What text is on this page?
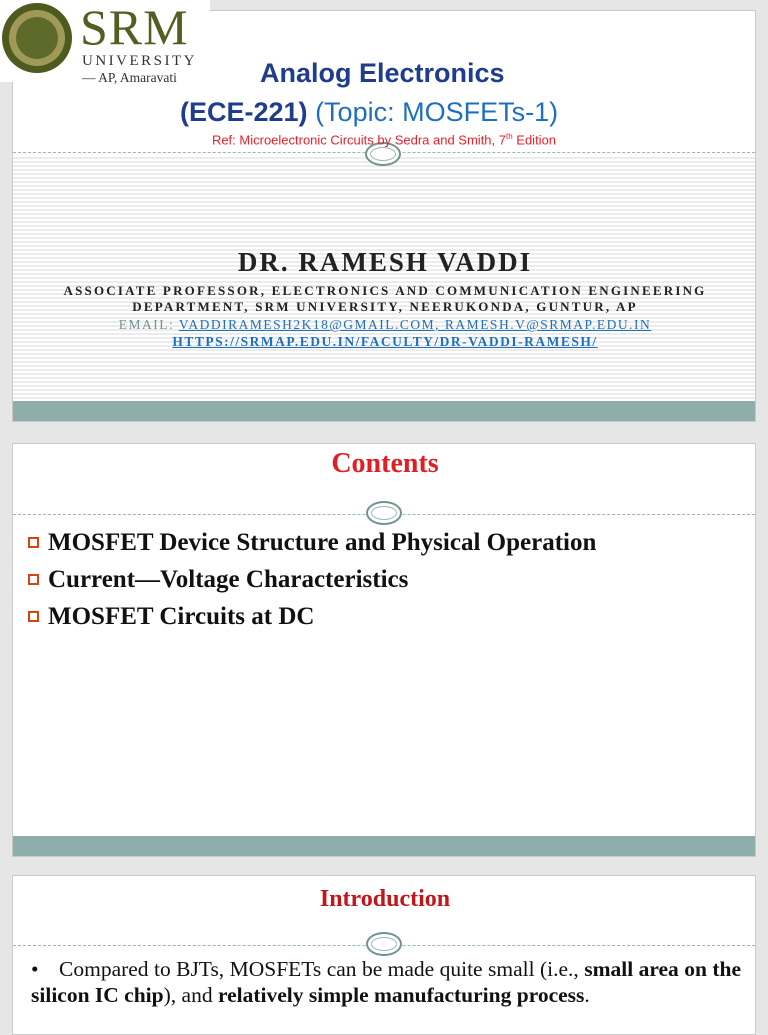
DR. RAMESH VADDI
ASSOCIATE PROFESSOR, ELECTRONICS AND COMMUNICATION ENGINEERING
DEPARTMENT, SRM UNIVERSITY, NEERUKONDA, GUNTUR, AP
EMAIL: VADDIRAMESH2K18@GMAIL.COM, RAMESH.V@SRMAP.EDU.IN
HTTPS://SRMAP.EDU.IN/FACULTY/DR-VADDI-RAMESH/
SRM
UNIVERSITY
— AP, Amaravati	Analog Electronics
(ECE-221) (Topic: MOSFETs-1)
Ref: Microelectronic Circuits by Sedra and Smith, 7th Edition
Contents
MOSFET Device Structure and Physical Operation
Current—Voltage Characteristics
MOSFET Circuits at DC
Introduction
• Compared to BJTs, MOSFETs can be made quite small (i.e., small area on the silicon IC chip), and relatively simple manufacturing process.
